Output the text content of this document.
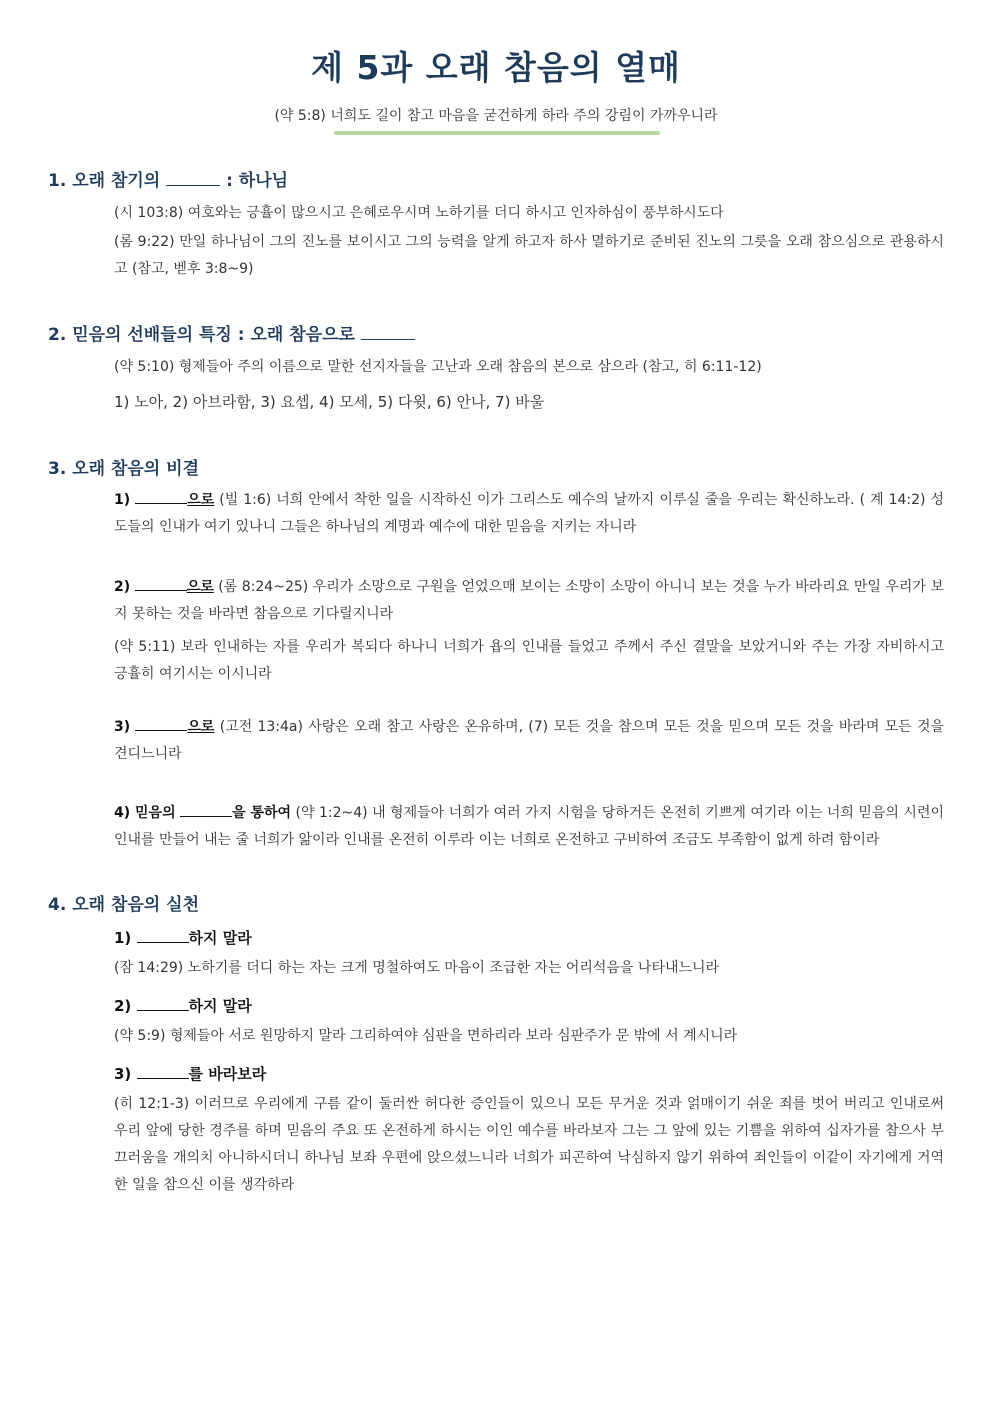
제 5과 오래 참음의 열매
(약 5:8) 너희도 길이 참고 마음을 굳건하게 하라 주의 강림이 가까우니라
1. 오래 참기의	: 하나님
(시 103:8) 여호와는 긍휼이 많으시고 은혜로우시며 노하기를 더디 하시고 인자하심이 풍부하시도다
(롬 9:22) 만일 하나님이 그의 진노를 보이시고 그의 능력을 알게 하고자 하사 멸하기로 준비된 진노의 그릇을 오래 참으심으로 관용하시고 (참고, 벧후 3:8~9)
2. 믿음의 선배들의 특징 : 오래 참음으로
(약 5:10) 형제들아 주의 이름으로 말한 선지자들을 고난과 오래 참음의 본으로 삼으라 (참고, 히 6:11-12)
1) 노아, 2) 아브라함, 3) 요셉, 4) 모세, 5) 다윗, 6) 안나, 7) 바울
3. 오래 참음의 비결
1)	으로 (빌 1:6) 너희 안에서 착한 일을 시작하신 이가 그리스도 예수의 날까지 이루실 줄을 우리는 확신하노라. ( 계 14:2) 성도들의 인내가 여기 있나니 그들은 하나님의 계명과 예수에 대한 믿음을 지키는 자니라
2)	으로 (롬 8:24~25) 우리가 소망으로 구원을 얻었으매 보이는 소망이 소망이 아니니 보는 것을 누가 바라리요 만일 우리가 보지 못하는 것을 바라면 참음으로 기다릴지니라
(약 5:11) 보라 인내하는 자를 우리가 복되다 하나니 너희가 욥의 인내를 들었고 주께서 주신 결말을 보았거니와 주는 가장 자비하시고 긍휼히 여기시는 이시니라
3)	으로 (고전 13:4a) 사랑은 오래 참고 사랑은 온유하며, (7) 모든 것을 참으며 모든 것을 믿으며 모든 것을 바라며 모든 것을 견디느니라
4) 믿음의	을 통하여 (약 1:2~4) 내 형제들아 너희가 여러 가지 시험을 당하거든 온전히 기쁘게 여기라 이는 너희 믿음의 시련이 인내를 만들어 내는 줄 너희가 앎이라 인내를 온전히 이루라 이는 너희로 온전하고 구비하여 조금도 부족함이 없게 하려 함이라
4. 오래 참음의 실천
1)	하지 말라
(잠 14:29) 노하기를 더디 하는 자는 크게 명철하여도 마음이 조급한 자는 어리석음을 나타내느니라
2)	하지 말라
(약 5:9) 형제들아 서로 원망하지 말라 그리하여야 심판을 면하리라 보라 심판주가 문 밖에 서 계시니라
3)	를 바라보라
(히 12:1-3) 이러므로 우리에게 구름 같이 둘러싼 허다한 증인들이 있으니 모든 무거운 것과 얽매이기 쉬운 죄를 벗어 버리고 인내로써 우리 앞에 당한 경주를 하며 믿음의 주요 또 온전하게 하시는 이인 예수를 바라보자 그는 그 앞에 있는 기쁨을 위하여 십자가를 참으사 부끄러움을 개의치 아니하시더니 하나님 보좌 우편에 앉으셨느니라 너희가 피곤하여 낙심하지 않기 위하여 죄인들이 이같이 자기에게 거역한 일을 참으신 이를 생각하라
